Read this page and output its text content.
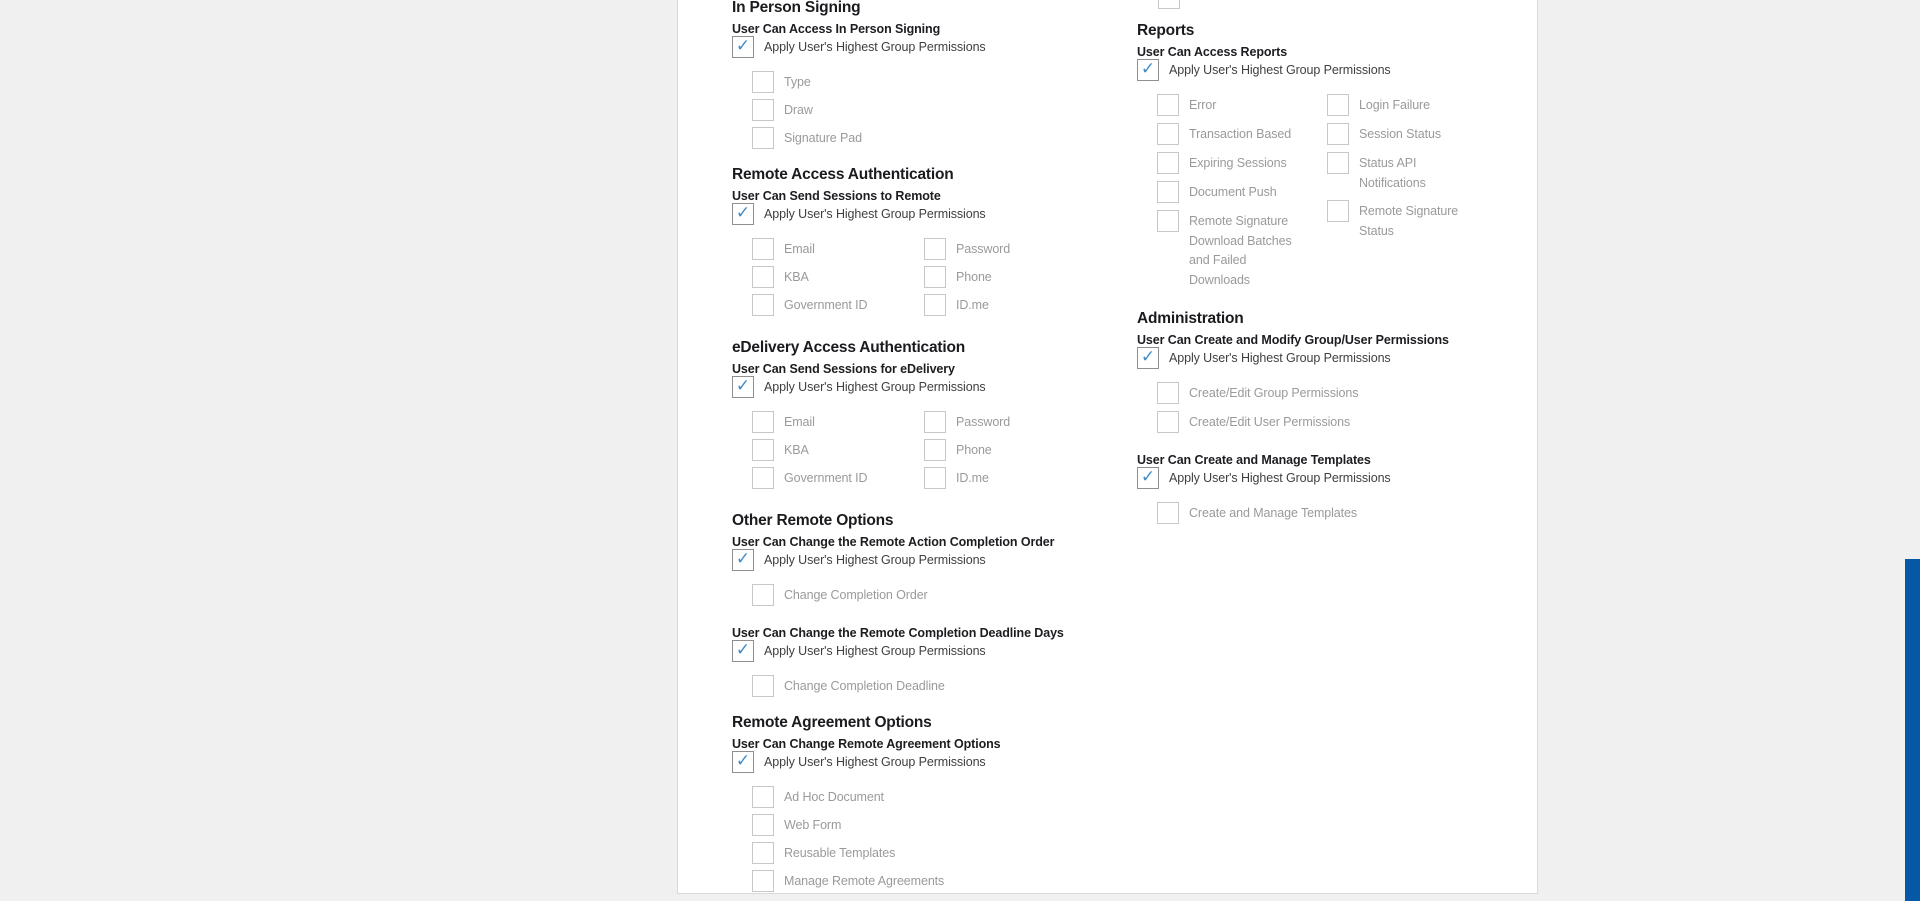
In Person Signing
User Can Access In Person Signing
✓ Apply User's Highest Group Permissions
Type
Draw
Signature Pad
Remote Access Authentication
User Can Send Sessions to Remote
✓ Apply User's Highest Group Permissions
Email
KBA
Government ID
Password
Phone
ID.me
eDelivery Access Authentication
User Can Send Sessions for eDelivery
✓ Apply User's Highest Group Permissions
Email
KBA
Government ID
Password
Phone
ID.me
Other Remote Options
User Can Change the Remote Action Completion Order
✓ Apply User's Highest Group Permissions
Change Completion Order
User Can Change the Remote Completion Deadline Days
✓ Apply User's Highest Group Permissions
Change Completion Deadline
Remote Agreement Options
User Can Change Remote Agreement Options
✓ Apply User's Highest Group Permissions
Ad Hoc Document
Web Form
Reusable Templates
Manage Remote Agreements
Reports
User Can Access Reports
✓ Apply User's Highest Group Permissions
Error
Transaction Based
Expiring Sessions
Document Push
Remote Signature Download Batches and Failed Downloads
Login Failure
Session Status
Status API Notifications
Remote Signature Status
Administration
User Can Create and Modify Group/User Permissions
✓ Apply User's Highest Group Permissions
Create/Edit Group Permissions
Create/Edit User Permissions
User Can Create and Manage Templates
✓ Apply User's Highest Group Permissions
Create and Manage Templates
